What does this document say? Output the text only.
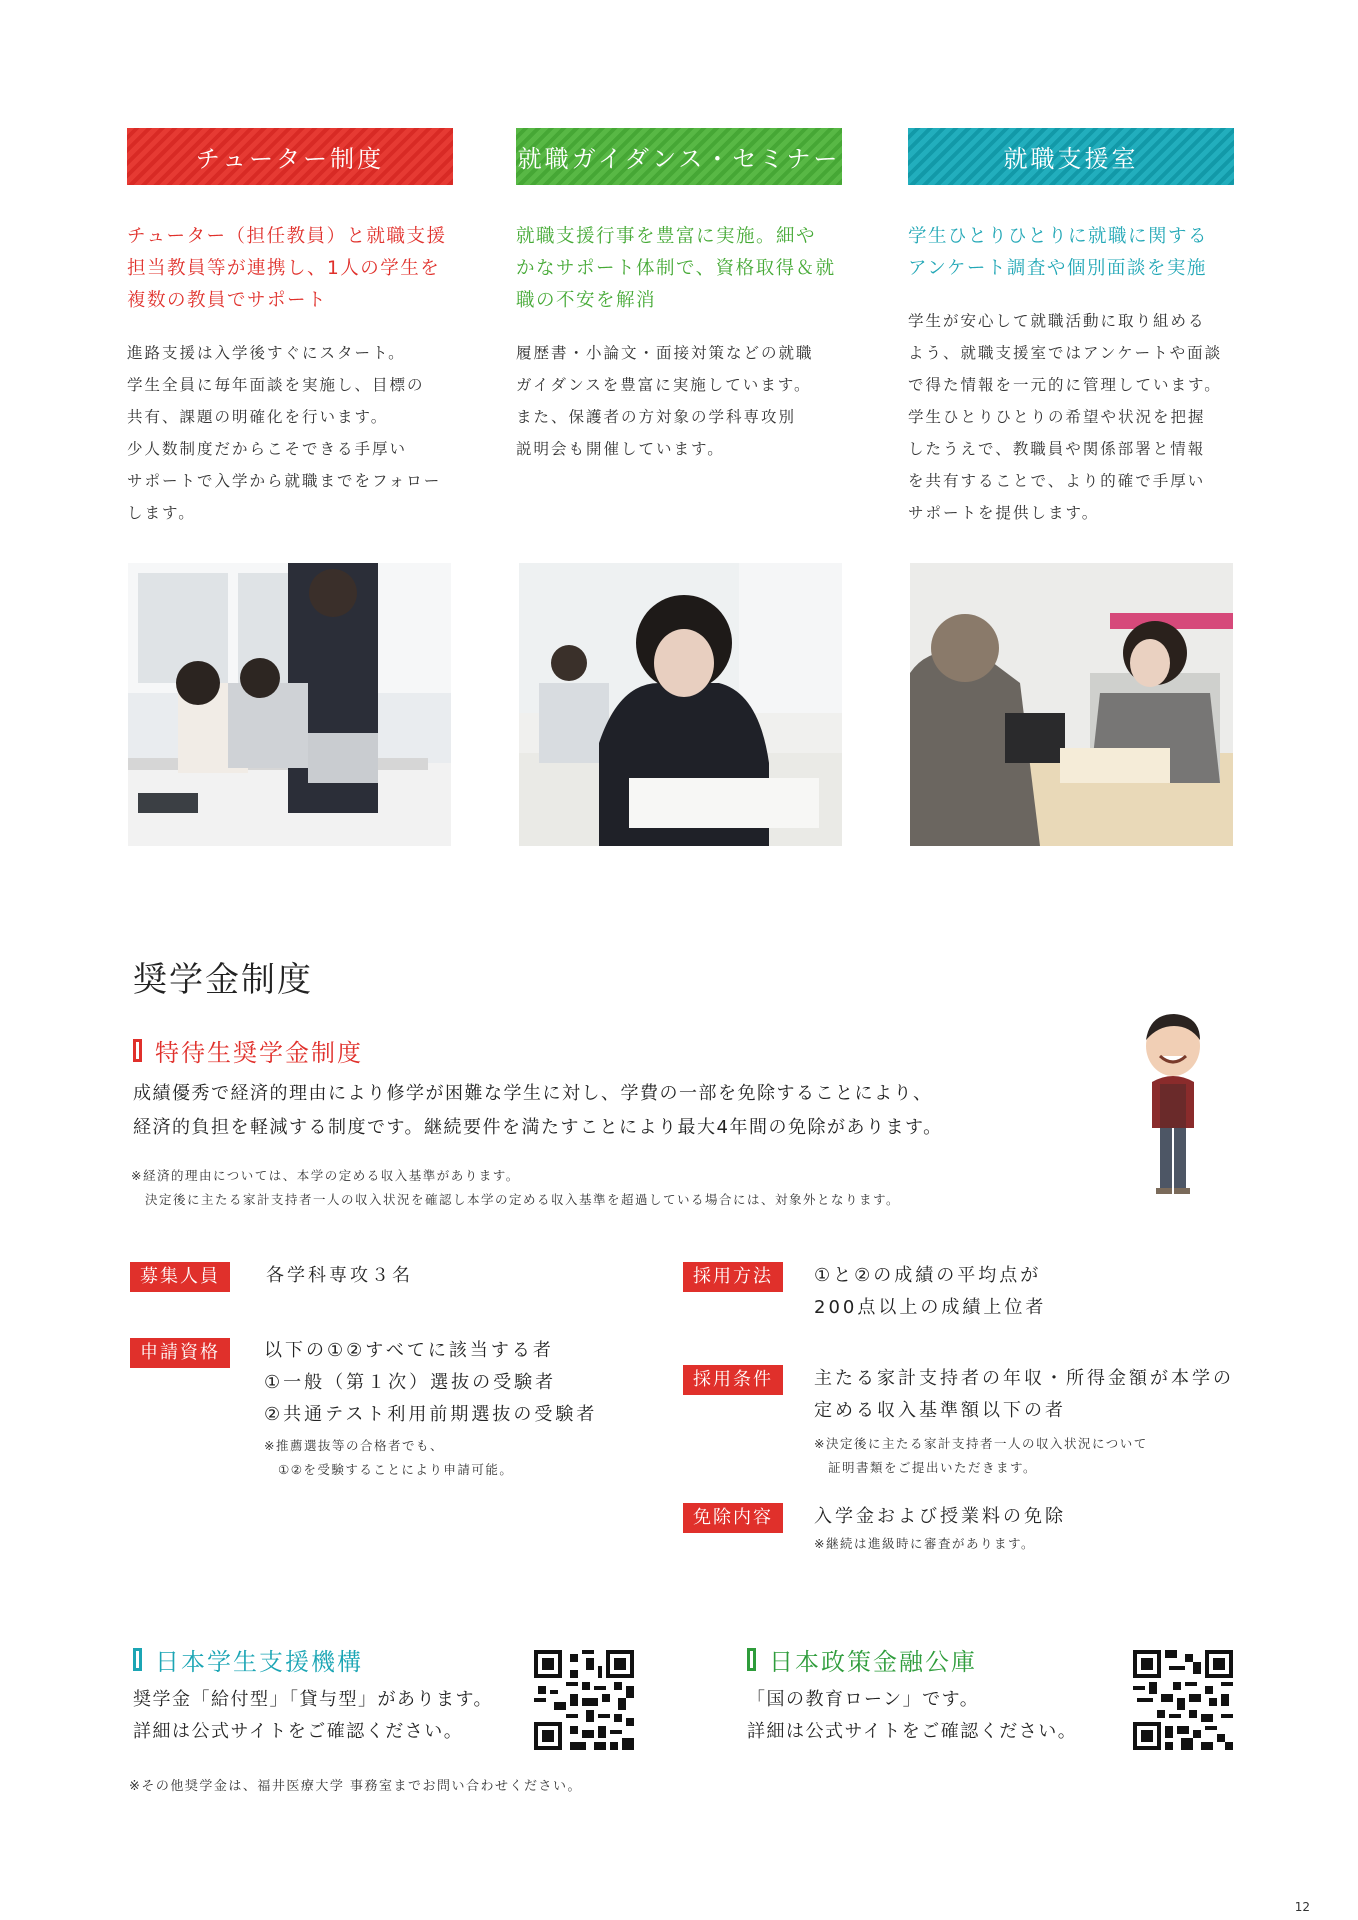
チューター制度
チューター（担任教員）と就職支援
担当教員等が連携し、1人の学生を
複数の教員でサポート
進路支援は入学後すぐにスタート。
学生全員に毎年面談を実施し、目標の
共有、課題の明確化を行います。
少人数制度だからこそできる手厚い
サポートで入学から就職までをフォロー
します。
就職ガイダンス・セミナー
就職支援行事を豊富に実施。細や
かなサポート体制で、資格取得＆就
職の不安を解消
履歴書・小論文・面接対策などの就職
ガイダンスを豊富に実施しています。
また、保護者の方対象の学科専攻別
説明会も開催しています。
就職支援室
学生ひとりひとりに就職に関する
アンケート調査や個別面談を実施
学生が安心して就職活動に取り組める
よう、就職支援室ではアンケートや面談
で得た情報を一元的に管理しています。
学生ひとりひとりの希望や状況を把握
したうえで、教職員や関係部署と情報
を共有することで、より的確で手厚い
サポートを提供します。
奨学金制度
特待生奨学金制度
成績優秀で経済的理由により修学が困難な学生に対し、学費の一部を免除することにより、
経済的負担を軽減する制度です。継続要件を満たすことにより最大4年間の免除があります。
※経済的理由については、本学の定める収入基準があります。
　決定後に主たる家計支持者一人の収入状況を確認し本学の定める収入基準を超過している場合には、対象外となります。
募集人員	各学科専攻３名
申請資格	以下の①②すべてに該当する者
①一般（第１次）選抜の受験者
②共通テスト利用前期選抜の受験者
※推薦選抜等の合格者でも、
　①②を受験することにより申請可能。
採用方法	①と②の成績の平均点が
200点以上の成績上位者
採用条件	主たる家計支持者の年収・所得金額が本学の
定める収入基準額以下の者
※決定後に主たる家計支持者一人の収入状況について
　証明書類をご提出いただきます。
免除内容	入学金および授業料の免除
※継続は進級時に審査があります。
日本学生支援機構
奨学金「給付型」「貸与型」があります。
詳細は公式サイトをご確認ください。
日本政策金融公庫
「国の教育ローン」です。
詳細は公式サイトをご確認ください。
※その他奨学金は、福井医療大学 事務室までお問い合わせください。
12
